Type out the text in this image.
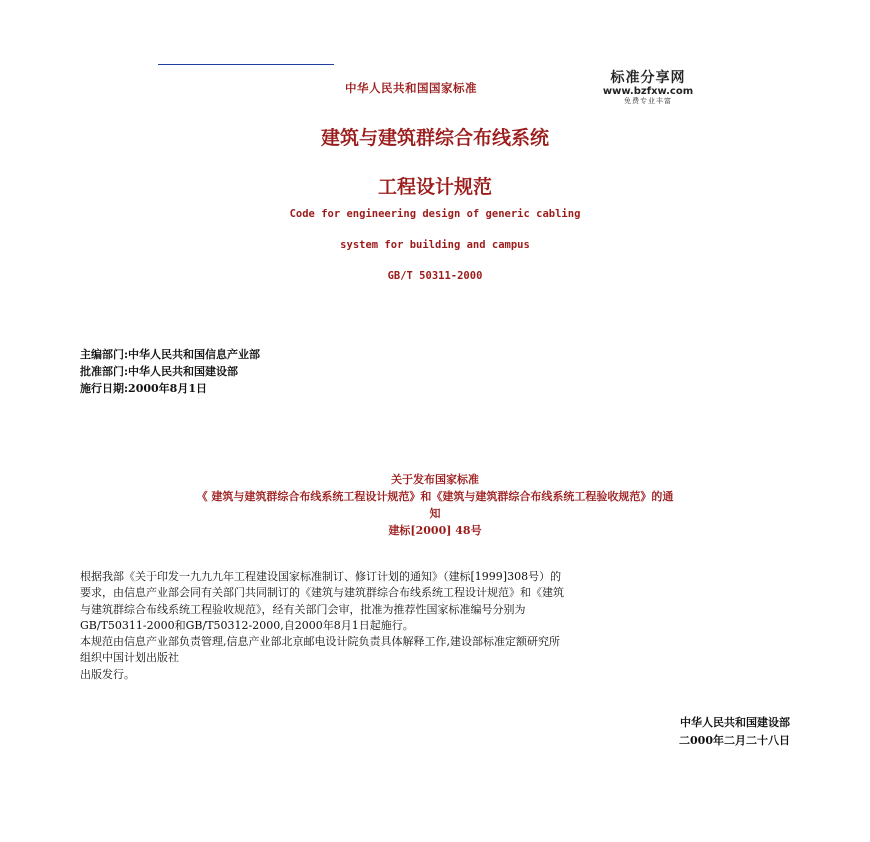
中华人民共和国国家标准
标准分享网
www.bzfxw.com
免费专业丰富
建筑与建筑群综合布线系统
工程设计规范
Code for engineering design of generic cabling
system for building and campus
GB/T 50311-2000
主编部门:中华人民共和国信息产业部
批准部门:中华人民共和国建设部
施行日期:2000年8月1日
关于发布国家标准
《 建筑与建筑群综合布线系统工程设计规范》和《建筑与建筑群综合布线系统工程验收规范》的通
知
建标[2000] 48号
根据我部《关于印发一九九九年工程建设国家标准制订、修订计划的通知》（建标[1999]308号）的
要求，由信息产业部会同有关部门共同制订的《建筑与建筑群综合布线系统工程设计规范》和《建筑
与建筑群综合布线系统工程验收规范》，经有关部门会审，批准为推荐性国家标准编号分别为
GB/T50311-2000和GB/T50312-2000,自2000年8月1日起施行。
本规范由信息产业部负责管理,信息产业部北京邮电设计院负责具体解释工作,建设部标准定额研究所
组织中国计划出版社
出版发行。
中华人民共和国建设部
二000年二月二十八日
